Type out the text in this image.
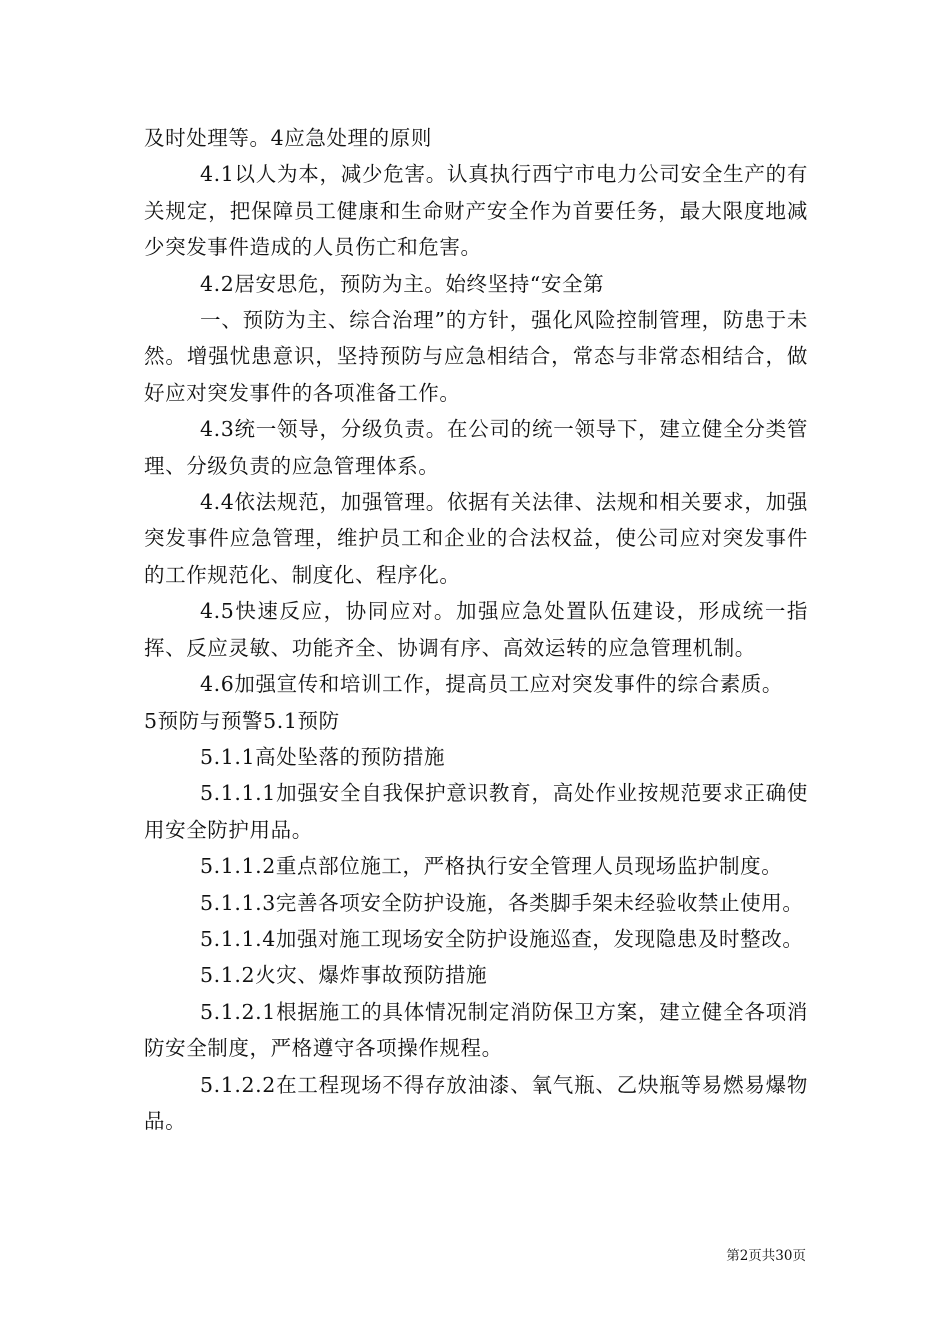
及时处理等。4应急处理的原则

4.1以人为本，减少危害。认真执行西宁市电力公司安全生产的有关规定，把保障员工健康和生命财产安全作为首要任务，最大限度地减少突发事件造成的人员伤亡和危害。

4.2居安思危，预防为主。始终坚持“安全第

一、预防为主、综合治理”的方针，强化风险控制管理，防患于未然。增强忧患意识，坚持预防与应急相结合，常态与非常态相结合，做好应对突发事件的各项准备工作。

4.3统一领导，分级负责。在公司的统一领导下，建立健全分类管理、分级负责的应急管理体系。

4.4依法规范，加强管理。依据有关法律、法规和相关要求，加强突发事件应急管理，维护员工和企业的合法权益，使公司应对突发事件的工作规范化、制度化、程序化。

4.5快速反应，协同应对。加强应急处置队伍建设，形成统一指挥、反应灵敏、功能齐全、协调有序、高效运转的应急管理机制。

4.6加强宣传和培训工作，提高员工应对突发事件的综合素质。

5预防与预警5.1预防

5.1.1高处坠落的预防措施

5.1.1.1加强安全自我保护意识教育，高处作业按规范要求正确使用安全防护用品。

5.1.1.2重点部位施工，严格执行安全管理人员现场监护制度。

5.1.1.3完善各项安全防护设施，各类脚手架未经验收禁止使用。

5.1.1.4加强对施工现场安全防护设施巡查，发现隐患及时整改。

5.1.2火灾、爆炸事故预防措施

5.1.2.1根据施工的具体情况制定消防保卫方案，建立健全各项消防安全制度，严格遵守各项操作规程。

5.1.2.2在工程现场不得存放油漆、氧气瓶、乙炔瓶等易燃易爆物品。

第2页共30页
